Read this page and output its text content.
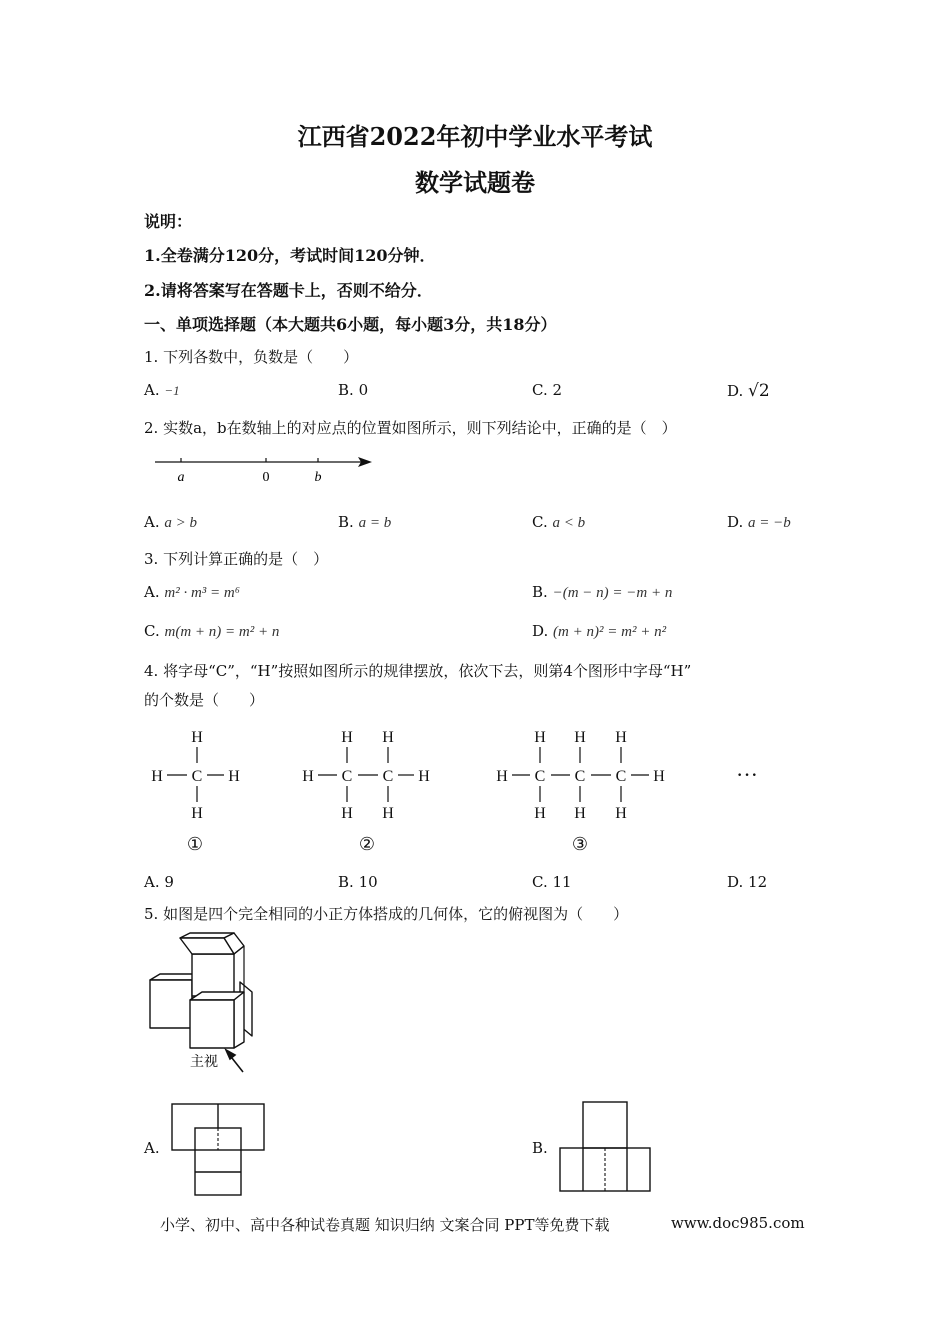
江西省2022年初中学业水平考试
数学试题卷
说明：
1.全卷满分120分，考试时间120分钟．
2.请将答案写在答题卡上，否则不给分．
一、单项选择题（本大题共6小题，每小题3分，共18分）
1. 下列各数中，负数是（　　）
A. −1	B. 0	C. 2	D. √2
2. 实数a，b在数轴上的对应点的位置如图所示，则下列结论中，正确的是（　）
a	0	b
A. a > b	B. a = b	C. a < b	D. a = −b
3. 下列计算正确的是（　）
A. m² · m³ = m⁶	B. −(m − n) = −m + n
C. m(m + n) = m² + n	D. (m + n)² = m² + n²
4. 将字母“C”，“H”按照如图所示的规律摆放，依次下去，则第4个图形中字母“H”
的个数是（　　）
H
H C H
H
H H
H C C H
H H
H H H
H C C C H
H H H
①	②	③
···
A. 9	B. 10	C. 11	D. 12
5. 如图是四个完全相同的小正方体搭成的几何体，它的俯视图为（　　）
主视
A.	B.
小学、初中、高中各种试卷真题 知识归纳 文案合同 PPT等免费下载	www.doc985.com
